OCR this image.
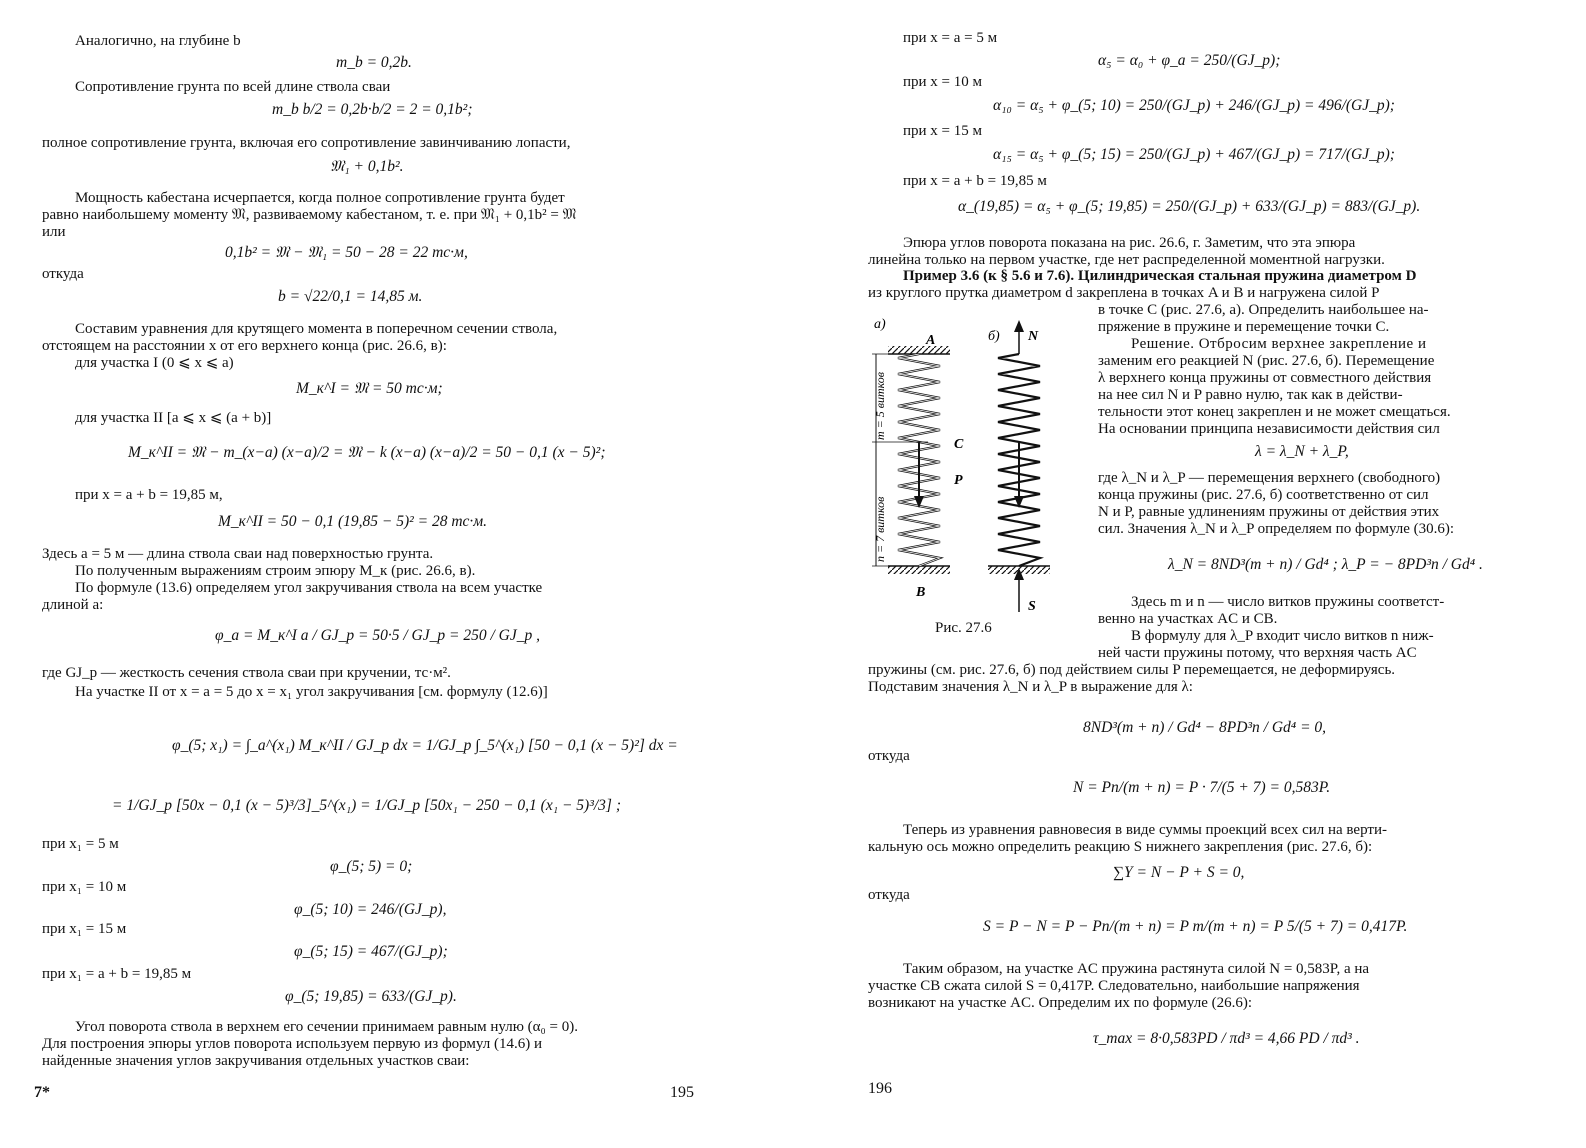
Аналогично, на глубине b
m_b = 0,2b.
Сопротивление грунта по всей длине ствола сваи
m_b b/2 = 0,2b·b/2 = 2 = 0,1b²;
полное сопротивление грунта, включая его сопротивление завинчиванию лопасти,
𝔐₁ + 0,1b².
Мощность кабестана исчерпается, когда полное сопротивление грунта будет
равно наибольшему моменту 𝔐, развиваемому кабестаном, т. е. при 𝔐₁ + 0,1b² = 𝔐
или
0,1b² = 𝔐 − 𝔐₁ = 50 − 28 = 22 тс·м,
откуда
b = √22/0,1 = 14,85 м.
Составим уравнения для крутящего момента в поперечном сечении ствола,
отстоящем на расстоянии x от его верхнего конца (рис. 26.6, в):
для участка I (0 ⩽ x ⩽ a)
M_к^I = 𝔐 = 50 тс·м;
для участка II [a ⩽ x ⩽ (a + b)]
M_к^II = 𝔐 − m_(x−a) (x−a)/2 = 𝔐 − k (x−a) (x−a)/2 = 50 − 0,1 (x − 5)²;
при x = a + b = 19,85 м,
M_к^II = 50 − 0,1 (19,85 − 5)² = 28 тс·м.
Здесь a = 5 м — длина ствола сваи над поверхностью грунта.
По полученным выражениям строим эпюру M_к (рис. 26.6, в).
По формуле (13.6) определяем угол закручивания ствола на всем участке
длиной a:
φ_a = M_к^I a / GJ_p = 50·5 / GJ_p = 250 / GJ_p ,
где GJ_p — жесткость сечения ствола сваи при кручении, тс·м².
На участке II от x = a = 5 до x = x₁ угол закручивания [см. формулу (12.6)]
φ_(5; x₁) = ∫_a^(x₁) M_к^II / GJ_p dx = 1/GJ_p ∫_5^(x₁) [50 − 0,1 (x − 5)²] dx =
= 1/GJ_p [50x − 0,1 (x − 5)³/3]_5^(x₁) = 1/GJ_p [50x₁ − 250 − 0,1 (x₁ − 5)³/3] ;
при x₁ = 5 м
φ_(5; 5) = 0;
при x₁ = 10 м
φ_(5; 10) = 246/(GJ_p),
при x₁ = 15 м
φ_(5; 15) = 467/(GJ_p);
при x₁ = a + b = 19,85 м
φ_(5; 19,85) = 633/(GJ_p).
Угол поворота ствола в верхнем его сечении принимаем равным нулю (α₀ = 0).
Для построения эпюры углов поворота используем первую из формул (14.6) и
найденные значения углов закручивания отдельных участков сваи:
7*	195
при x = a = 5 м
α₅ = α₀ + φ_a = 250/(GJ_p);
при x = 10 м
α₁₀ = α₅ + φ_(5; 10) = 250/(GJ_p) + 246/(GJ_p) = 496/(GJ_p);
при x = 15 м
α₁₅ = α₅ + φ_(5; 15) = 250/(GJ_p) + 467/(GJ_p) = 717/(GJ_p);
при x = a + b = 19,85 м
α_(19,85) = α₅ + φ_(5; 19,85) = 250/(GJ_p) + 633/(GJ_p) = 883/(GJ_p).
Эпюра углов поворота показана на рис. 26.6, г. Заметим, что эта эпюра
линейна только на первом участке, где нет распределенной моментной нагрузки.
Пример 3.6 (к § 5.6 и 7.6). Цилиндрическая стальная пружина диаметром D
из круглого прутка диаметром d закреплена в точках A и B и нагружена силой P
в точке C (рис. 27.6, а). Определить наибольшее на-
пряжение в пружине и перемещение точки C.
Решение. Отбросим верхнее закрепление и
заменим его реакцией N (рис. 27.6, б). Перемещение
λ верхнего конца пружины от совместного действия
на нее сил N и P равно нулю, так как в действи-
тельности этот конец закреплен и не может смещаться.
На основании принципа независимости действия сил
λ = λ_N + λ_P,
где λ_N и λ_P — перемещения верхнего (свободного)
конца пружины (рис. 27.6, б) соответственно от сил
N и P, равные удлинениям пружины от действия этих
сил. Значения λ_N и λ_P определяем по формуле (30.6):
λ_N = 8ND³(m + n) / Gd⁴ ; λ_P = − 8PD³n / Gd⁴ .
Здесь m и n — число витков пружины соответст-
венно на участках AC и CB.
В формулу для λ_P входит число витков n ниж-
ней части пружины потому, что верхняя часть AC
пружины (см. рис. 27.6, б) под действием силы P перемещается, не деформируясь.
Подставим значения λ_N и λ_P в выражение для λ:
8ND³(m + n) / Gd⁴ − 8PD³n / Gd⁴ = 0,
откуда
N = Pn/(m + n) = P · 7/(5 + 7) = 0,583P.
Теперь из уравнения равновесия в виде суммы проекций всех сил на верти-
кальную ось можно определить реакцию S нижнего закрепления (рис. 27.6, б):
∑Y = N − P + S = 0,
откуда
S = P − N = P − Pn/(m + n) = P m/(m + n) = P 5/(5 + 7) = 0,417P.
Таким образом, на участке AC пружина растянута силой N = 0,583P, а на
участке CB сжата силой S = 0,417P. Следовательно, наибольшие напряжения
возникают на участке AC. Определим их по формуле (26.6):
τ_max = 8·0,583PD / πd³ = 4,66 PD / πd³ .
196
m = 5 витков
n = 7 витков
а)
A
C
P
B
б) N
S
Рис. 27.6
